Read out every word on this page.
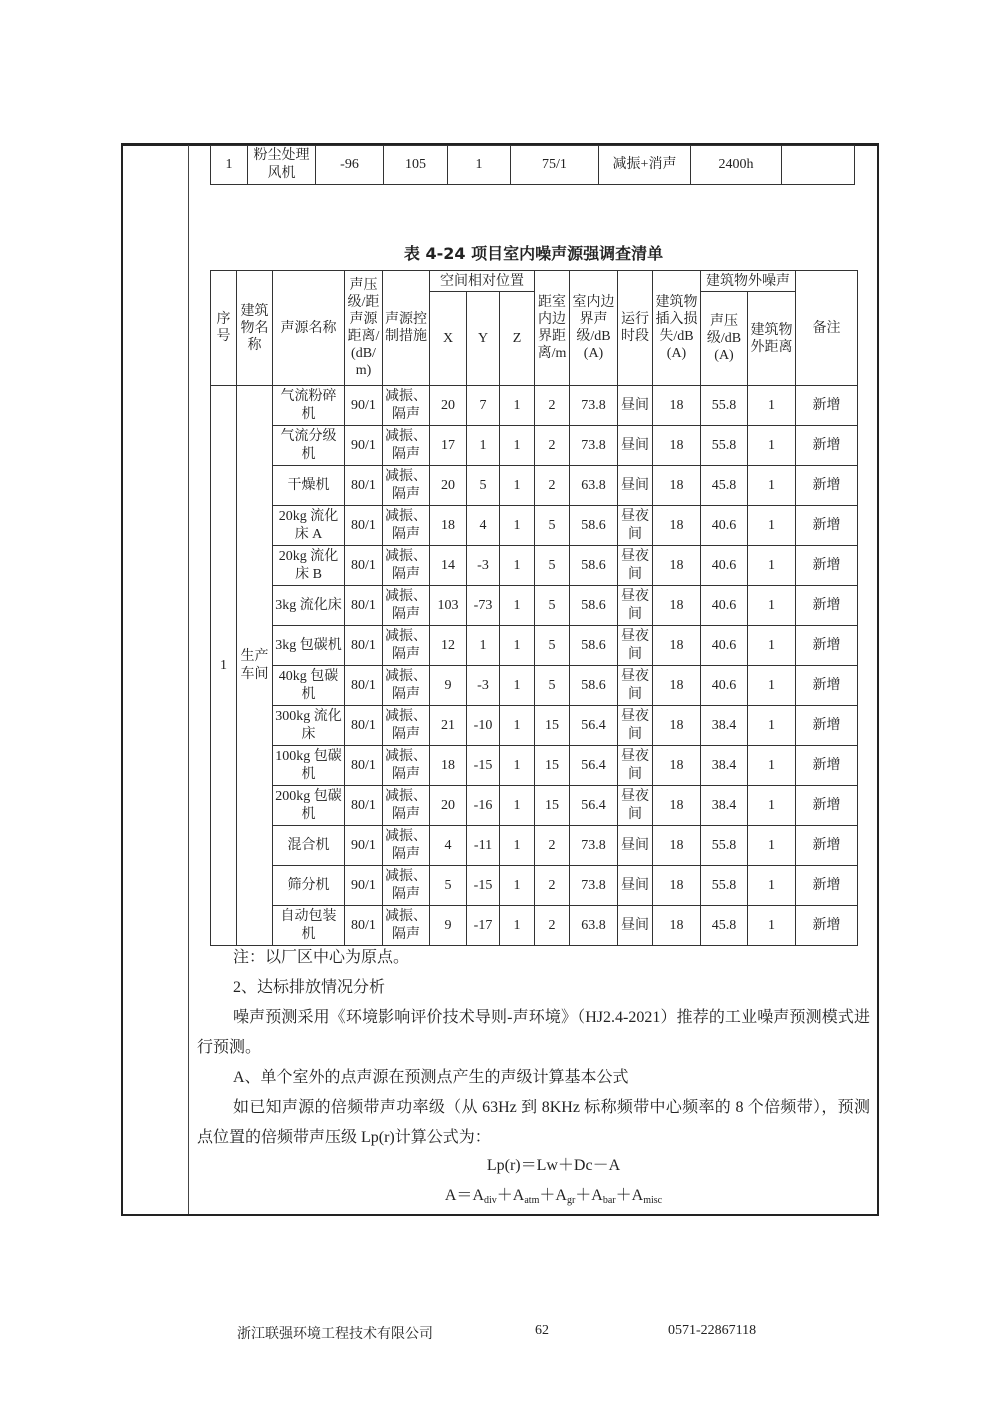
1	粉尘处理风机	-96	105	1	75/1	减振+消声	2400h	
表 4-24 项目室内噪声源强调查清单
序号	建筑物名称	声源名称	声压级/距声源距离/(dB/m)	声源控制措施	空间相对位置			距室内边界距离/m	室内边界声级/dB(A)	运行时段	建筑物插入损失/dB(A)	建筑物外噪声		备注
					X	Y	Z					声压级/dB(A)	建筑物外距离	
1	生产车间	气流粉碎机	90/1	减振、隔声	20	7	1	2	73.8	昼间	18	55.8	1	新增
		气流分级机	90/1	减振、隔声	17	1	1	2	73.8	昼间	18	55.8	1	新增
		干燥机	80/1	减振、隔声	20	5	1	2	63.8	昼间	18	45.8	1	新增
		20kg 流化床 A	80/1	减振、隔声	18	4	1	5	58.6	昼夜间	18	40.6	1	新增
		20kg 流化床 B	80/1	减振、隔声	14	-3	1	5	58.6	昼夜间	18	40.6	1	新增
		3kg 流化床	80/1	减振、隔声	103	-73	1	5	58.6	昼夜间	18	40.6	1	新增
		3kg 包碳机	80/1	减振、隔声	12	1	1	5	58.6	昼夜间	18	40.6	1	新增
		40kg 包碳机	80/1	减振、隔声	9	-3	1	5	58.6	昼夜间	18	40.6	1	新增
		300kg 流化床	80/1	减振、隔声	21	-10	1	15	56.4	昼夜间	18	38.4	1	新增
		100kg 包碳机	80/1	减振、隔声	18	-15	1	15	56.4	昼夜间	18	38.4	1	新增
		200kg 包碳机	80/1	减振、隔声	20	-16	1	15	56.4	昼夜间	18	38.4	1	新增
		混合机	90/1	减振、隔声	4	-11	1	2	73.8	昼间	18	55.8	1	新增
		筛分机	90/1	减振、隔声	5	-15	1	2	73.8	昼间	18	55.8	1	新增
		自动包装机	80/1	减振、隔声	9	-17	1	2	63.8	昼间	18	45.8	1	新增
注：以厂区中心为原点。
2、达标排放情况分析
噪声预测采用《环境影响评价技术导则-声环境》（HJ2.4-2021）推荐的工业噪声预测模式进行预测。
A、单个室外的点声源在预测点产生的声级计算基本公式
如已知声源的倍频带声功率级（从 63Hz 到 8KHz 标称频带中心频率的 8 个倍频带），预测点位置的倍频带声压级 Lp(r)计算公式为：
Lp(r)＝Lw＋Dc－A
$A=A_{div}+A_{atm}+A_{gr}+A_{bar}+A_{misc}$
浙江联强环境工程技术有限公司	62	0571-22867118
